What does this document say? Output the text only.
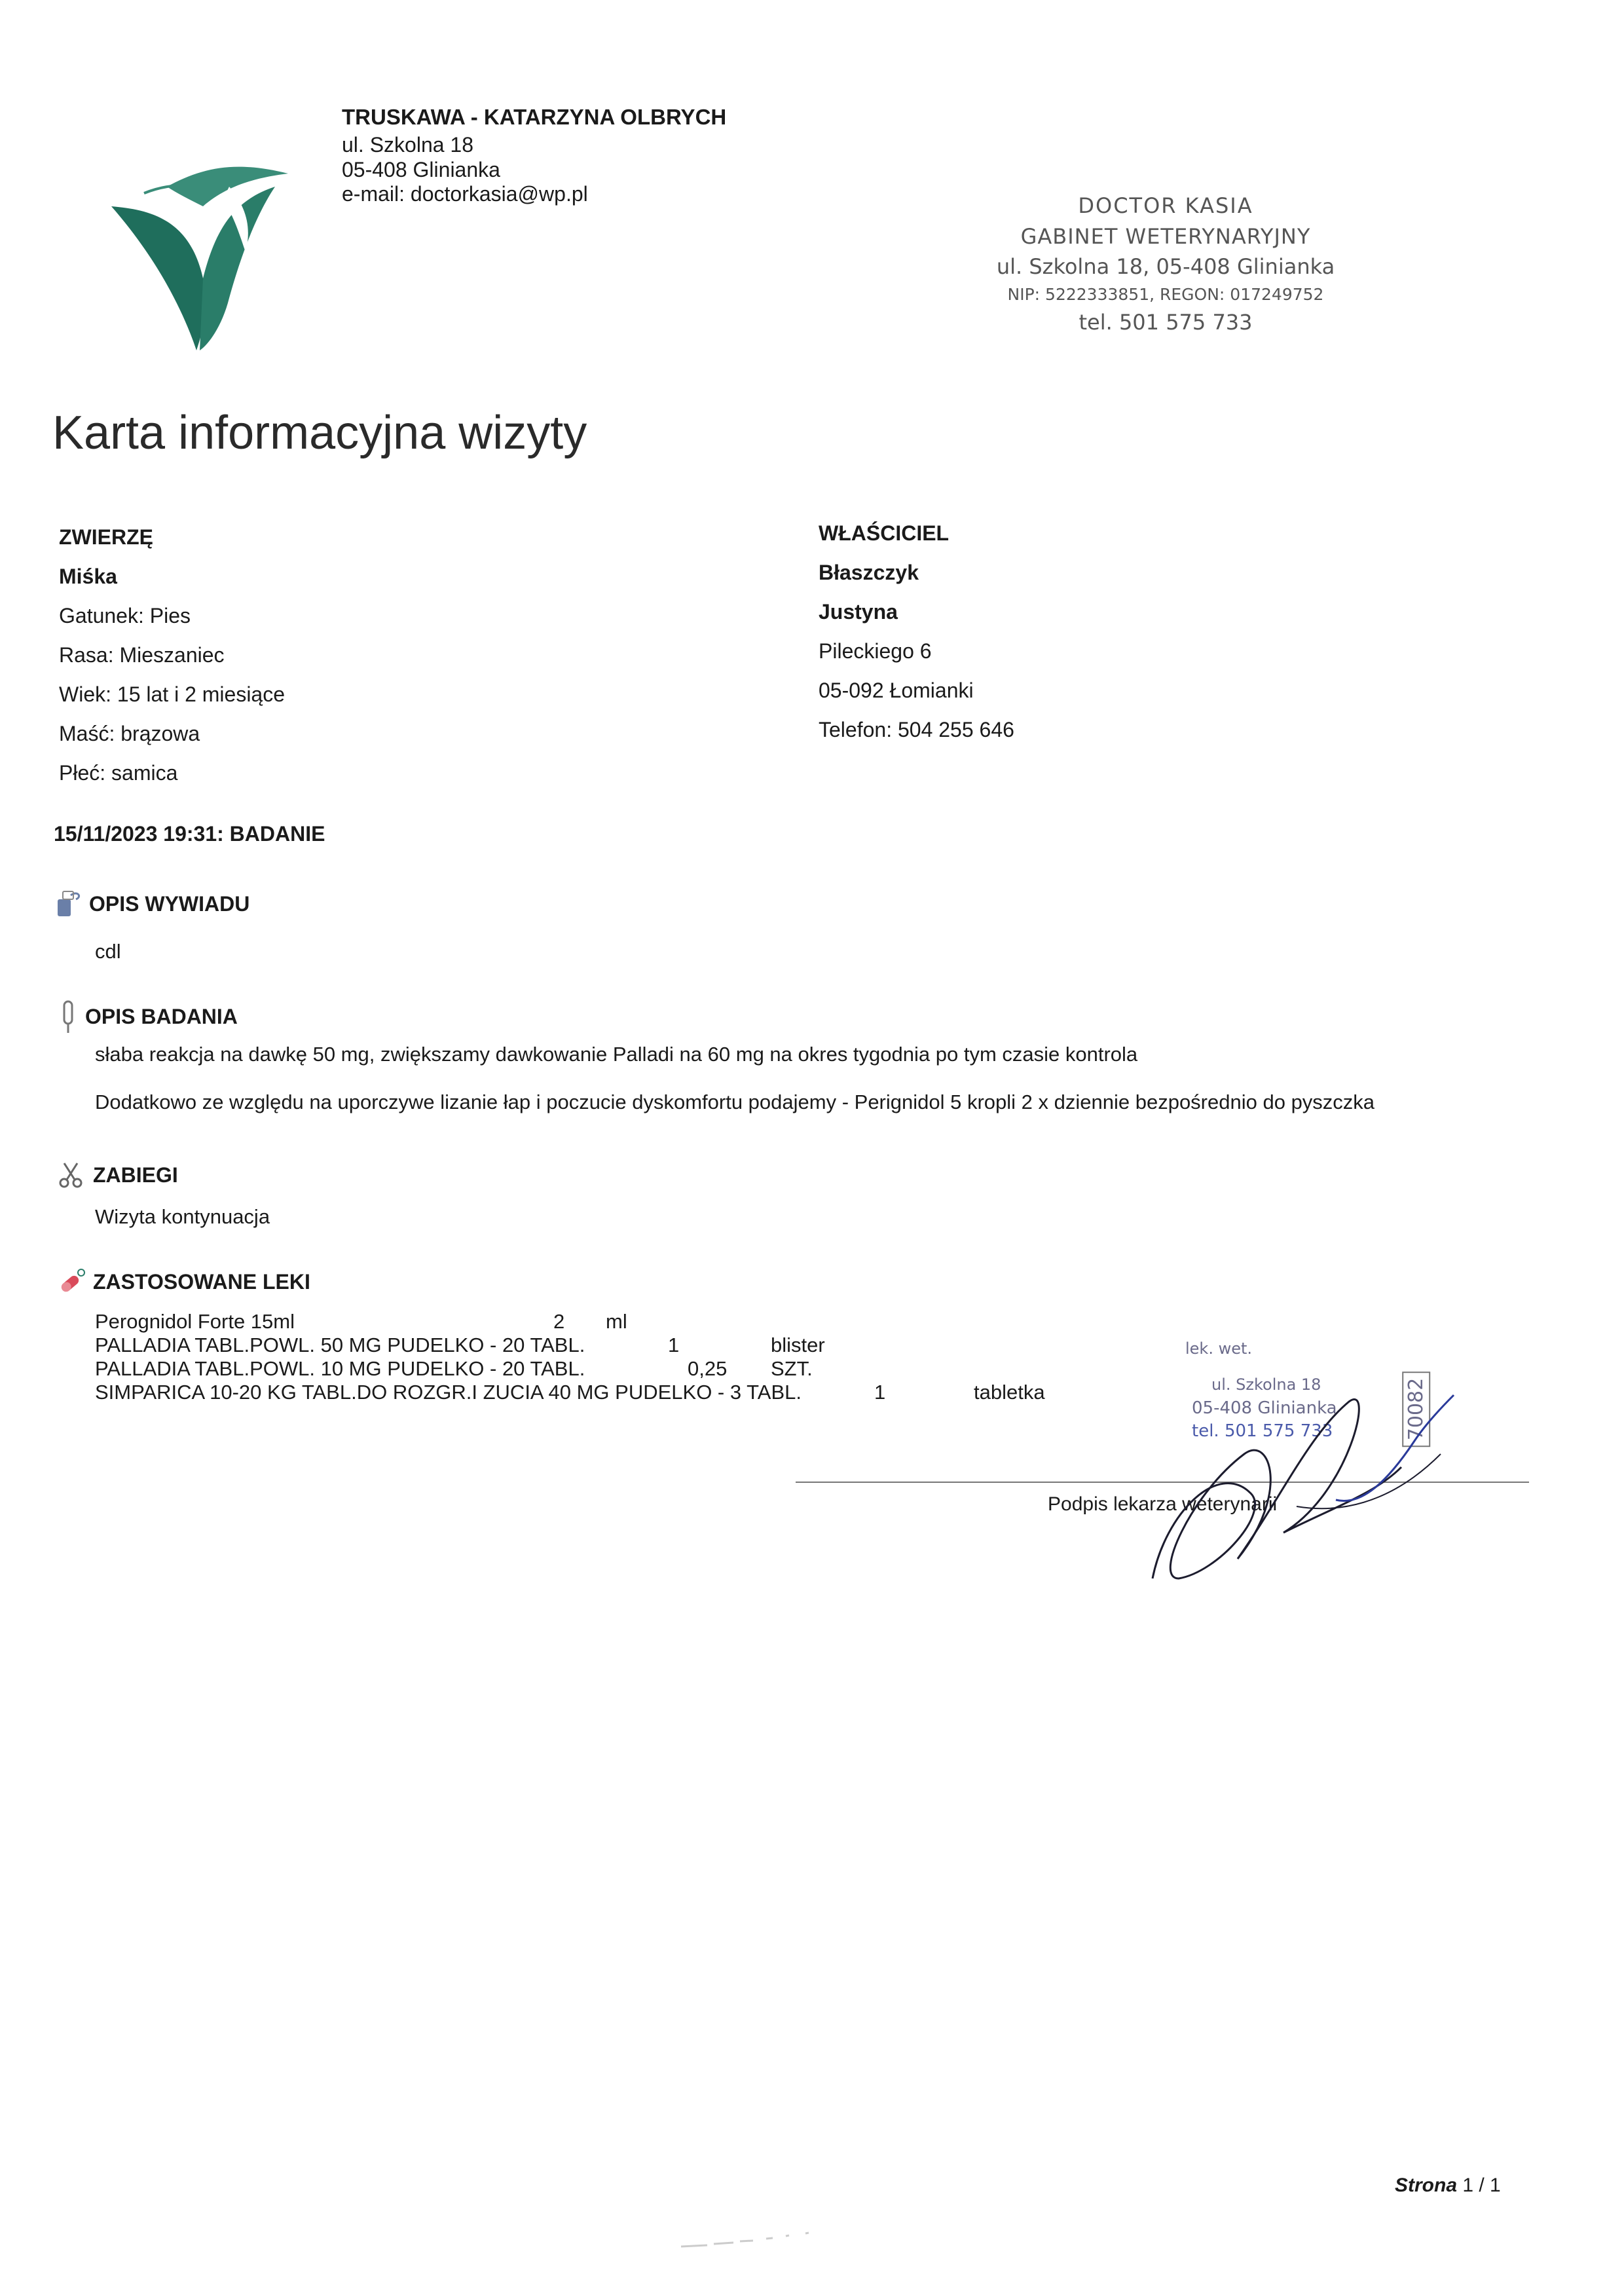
TRUSKAWA - KATARZYNA OLBRYCH
ul. Szkolna 18
05-408 Glinianka
e-mail: doctorkasia@wp.pl	DOCTOR KASIA
GABINET WETERYNARYJNY
ul. Szkolna 18, 05-408 Glinianka
NIP: 5222333851, REGON: 017249752
tel. 501 575 733
Karta informacyjna wizyty
ZWIERZĘ
Miśka
Gatunek: Pies
Rasa: Mieszaniec
Wiek: 15 lat i 2 miesiące
Maść: brązowa
Płeć: samica
WŁAŚCICIEL
Błaszczyk
Justyna
Pileckiego 6
05-092 Łomianki
Telefon: 504 255 646
15/11/2023 19:31: BADANIE
OPIS WYWIADU
cdl
OPIS BADANIA
słaba reakcja na dawkę 50 mg, zwiększamy dawkowanie Palladi na 60 mg na okres tygodnia po tym czasie kontrola
Dodatkowo ze względu na uporczywe lizanie łap i poczucie dyskomfortu podajemy - Perignidol 5 kropli 2 x dziennie bezpośrednio do pyszczka
ZABIEGI
Wizyta kontynuacja
ZASTOSOWANE LEKI
Perognidol Forte 15ml	2 ml
PALLADIA TABL.POWL. 50 MG PUDELKO - 20 TABL.	1	blister
PALLADIA TABL.POWL. 10 MG PUDELKO - 20 TABL.	0,25 SZT.
SIMPARICA 10-20 KG TABL.DO ROZGR.I ZUCIA 40 MG PUDELKO - 3 TABL.	1	tabletka
lek. wet.
ul. Szkolna 18
05-408 Glinianka
tel. 501 575 733	70082
Podpis lekarza weterynarii
Strona 1 / 1
